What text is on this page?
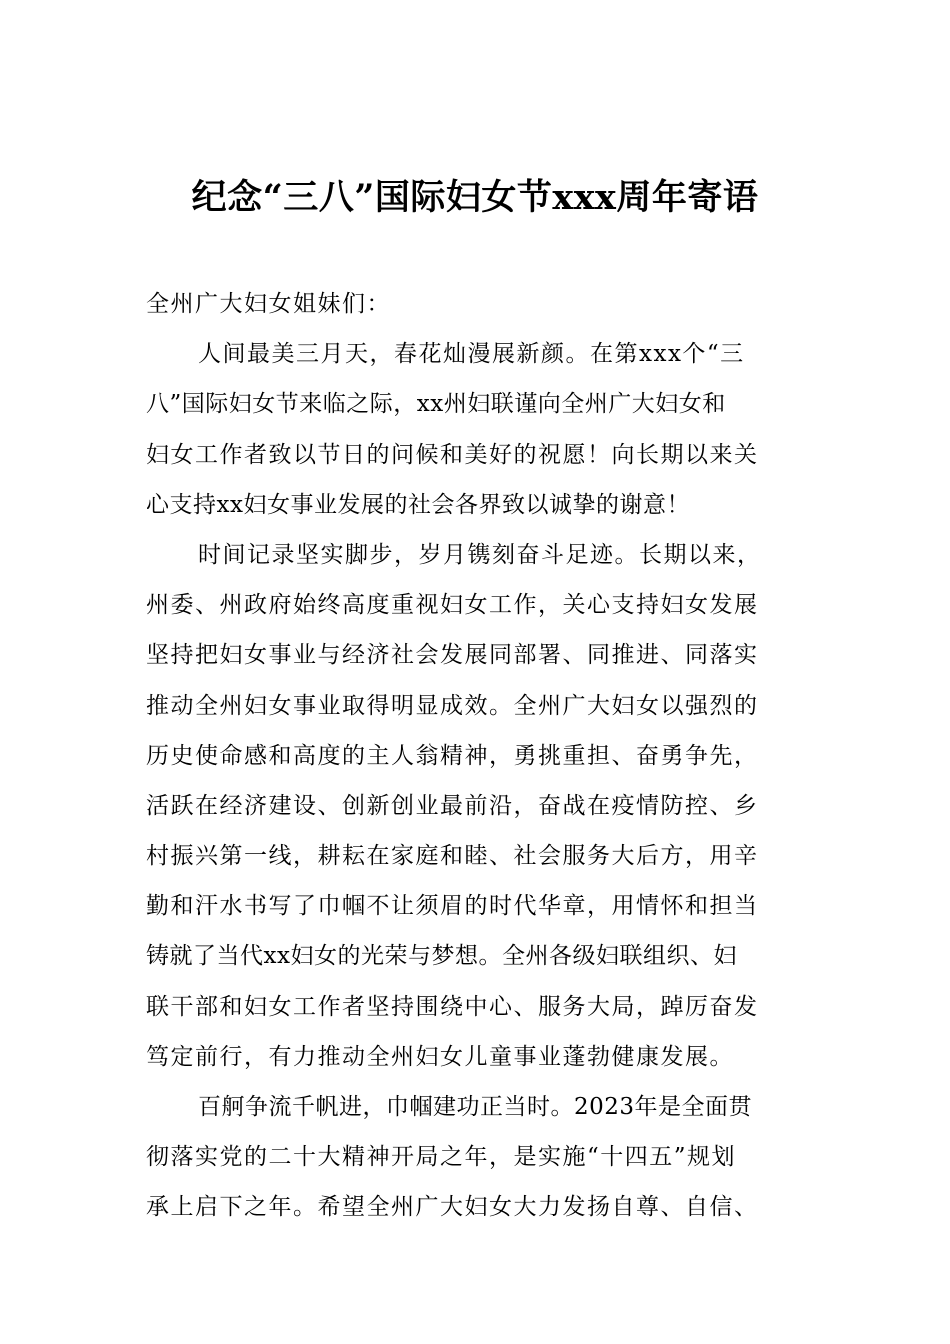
纪念“三八”国际妇女节xxx周年寄语
全州广大妇女姐妹们：
人间最美三月天，春花灿漫展新颜。在第xxx个“三
八”国际妇女节来临之际，xx州妇联谨向全州广大妇女和
妇女工作者致以节日的问候和美好的祝愿！向长期以来关
心支持xx妇女事业发展的社会各界致以诚挚的谢意！
时间记录坚实脚步，岁月镌刻奋斗足迹。长期以来，
州委、州政府始终高度重视妇女工作，关心支持妇女发展
坚持把妇女事业与经济社会发展同部署、同推进、同落实
推动全州妇女事业取得明显成效。全州广大妇女以强烈的
历史使命感和高度的主人翁精神，勇挑重担、奋勇争先，
活跃在经济建设、创新创业最前沿，奋战在疫情防控、乡
村振兴第一线，耕耘在家庭和睦、社会服务大后方，用辛
勤和汗水书写了巾帼不让须眉的时代华章，用情怀和担当
铸就了当代xx妇女的光荣与梦想。全州各级妇联组织、妇
联干部和妇女工作者坚持围绕中心、服务大局，踔厉奋发
笃定前行，有力推动全州妇女儿童事业蓬勃健康发展。
百舸争流千帆进，巾帼建功正当时。2023年是全面贯
彻落实党的二十大精神开局之年，是实施“十四五”规划
承上启下之年。希望全州广大妇女大力发扬自尊、自信、
